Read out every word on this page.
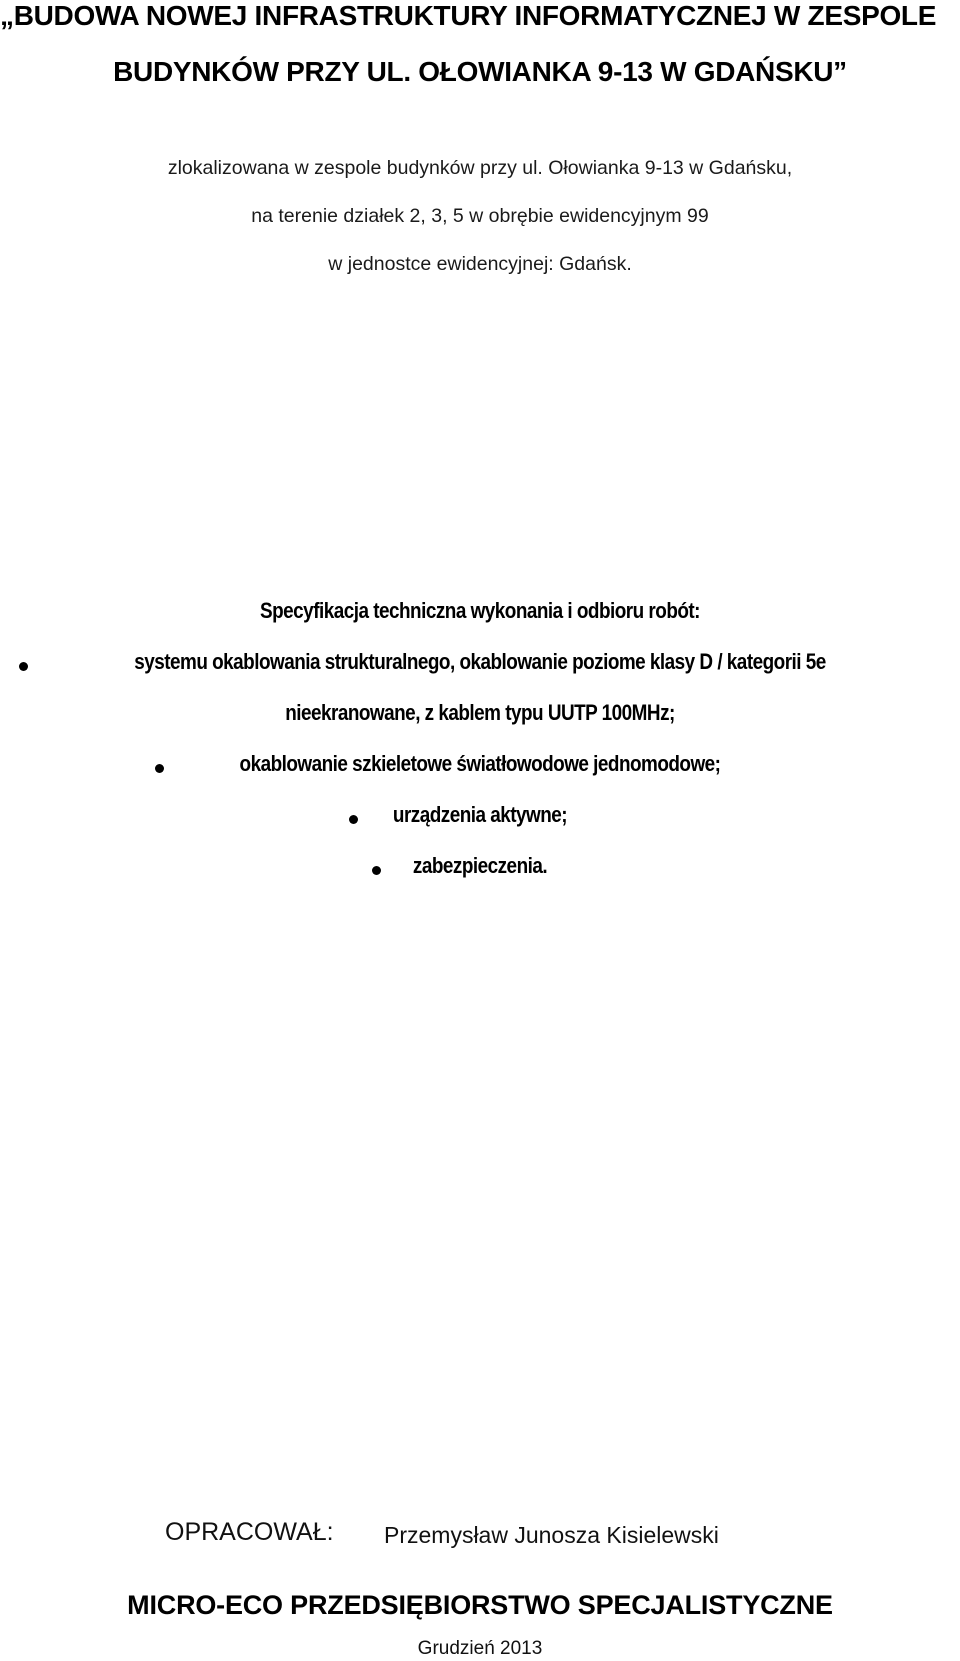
„BUDOWA NOWEJ INFRASTRUKTURY INFORMATYCZNEJ W ZESPOLE
BUDYNKÓW PRZY UL. OŁOWIANKA 9-13 W GDAŃSKU”
zlokalizowana w zespole budynków przy ul. Ołowianka 9-13 w Gdańsku,
na terenie działek 2, 3, 5 w obrębie ewidencyjnym 99
w jednostce ewidencyjnej: Gdańsk.
Specyfikacja techniczna wykonania i odbioru robót:
systemu okablowania strukturalnego, okablowanie poziome klasy D / kategorii 5e
nieekranowane, z kablem typu UUTP 100MHz;
okablowanie szkieletowe światłowodowe jednomodowe;
urządzenia aktywne;
zabezpieczenia.
OPRACOWAŁ: Przemysław Junosza Kisielewski
MICRO-ECO PRZEDSIĘBIORSTWO SPECJALISTYCZNE
Grudzień 2013
